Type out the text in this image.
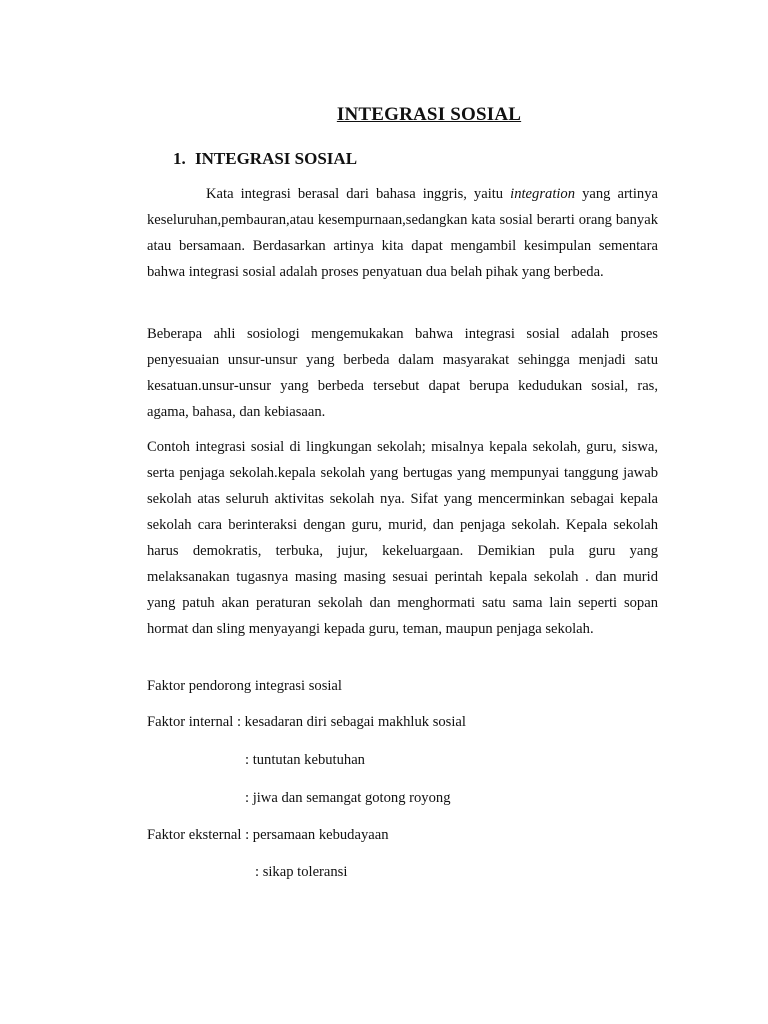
INTEGRASI SOSIAL
1. INTEGRASI SOSIAL

Kata integrasi berasal dari bahasa inggris, yaitu integration yang artinya keseluruhan,pembauran,atau kesempurnaan,sedangkan kata sosial berarti orang banyak atau bersamaan. Berdasarkan artinya kita dapat mengambil kesimpulan sementara bahwa integrasi sosial adalah proses penyatuan dua belah pihak yang berbeda.

Beberapa ahli sosiologi mengemukakan bahwa integrasi sosial adalah proses penyesuaian unsur-unsur yang berbeda dalam masyarakat sehingga menjadi satu kesatuan.unsur-unsur yang berbeda tersebut dapat berupa kedudukan sosial, ras, agama, bahasa, dan kebiasaan.

Contoh integrasi sosial di lingkungan sekolah; misalnya kepala sekolah, guru, siswa, serta penjaga sekolah.kepala sekolah yang bertugas yang mempunyai tanggung jawab sekolah atas seluruh aktivitas sekolah nya. Sifat yang mencerminkan sebagai kepala sekolah cara berinteraksi dengan guru, murid, dan penjaga sekolah. Kepala sekolah harus demokratis, terbuka, jujur, kekeluargaan. Demikian pula guru yang melaksanakan tugasnya masing masing sesuai perintah kepala sekolah . dan murid yang patuh akan peraturan sekolah dan menghormati satu sama lain seperti sopan hormat dan sling menyayangi kepada guru, teman, maupun penjaga sekolah.

Faktor pendorong integrasi sosial
Faktor internal : kesadaran diri sebagai makhluk sosial
: tuntutan kebutuhan
: jiwa dan semangat gotong royong
Faktor eksternal : persamaan kebudayaan
: sikap toleransi
